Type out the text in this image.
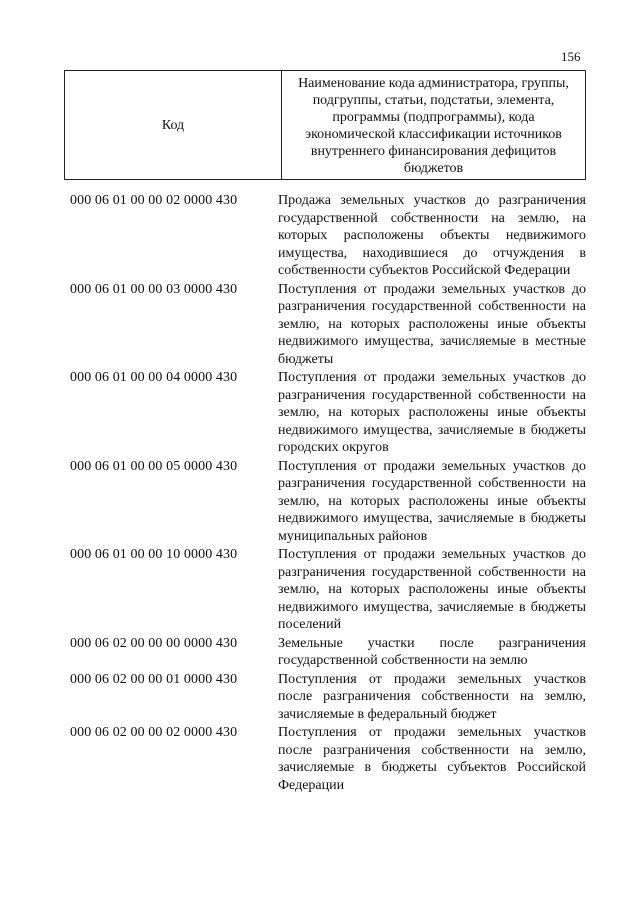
156
Код	Наименование кода администратора, группы, подгруппы, статьи, подстатьи, элемента, программы (подпрограммы), кода экономической классификации источников внутреннего финансирования дефицитов бюджетов
000 06 01 00 00 02 0000 430	Продажа земельных участков до разграничения государственной собственности на землю, на которых расположены объекты недвижимого имущества, находившиеся до отчуждения в собственности субъектов Российской Федерации
000 06 01 00 00 03 0000 430	Поступления от продажи земельных участков до разграничения государственной собственности на землю, на которых расположены иные объекты недвижимого имущества, зачисляемые в местные бюджеты
000 06 01 00 00 04 0000 430	Поступления от продажи земельных участков до разграничения государственной собственности на землю, на которых расположены иные объекты недвижимого имущества, зачисляемые в бюджеты городских округов
000 06 01 00 00 05 0000 430	Поступления от продажи земельных участков до разграничения государственной собственности на землю, на которых расположены иные объекты недвижимого имущества, зачисляемые в бюджеты муниципальных районов
000 06 01 00 00 10 0000 430	Поступления от продажи земельных участков до разграничения государственной собственности на землю, на которых расположены иные объекты недвижимого имущества, зачисляемые в бюджеты поселений
000 06 02 00 00 00 0000 430	Земельные участки после разграничения государственной собственности на землю
000 06 02 00 00 01 0000 430	Поступления от продажи земельных участков после разграничения собственности на землю, зачисляемые в федеральный бюджет
000 06 02 00 00 02 0000 430	Поступления от продажи земельных участков после разграничения собственности на землю, зачисляемые в бюджеты субъектов Российской Федерации
